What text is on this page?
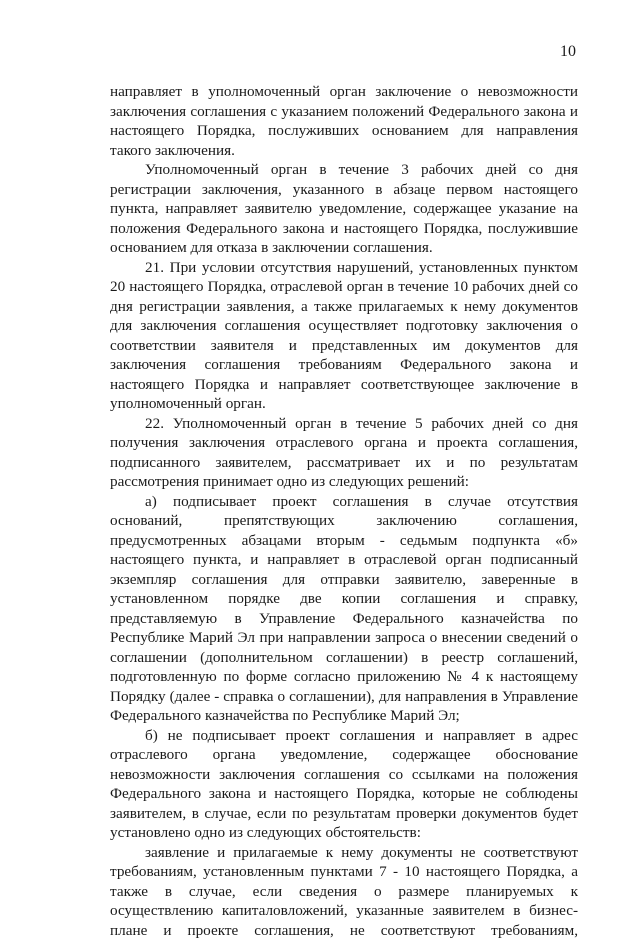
10

направляет в уполномоченный орган заключение о невозможности заключения соглашения с указанием положений Федерального закона и настоящего Порядка, послуживших основанием для направления такого заключения.

Уполномоченный орган в течение 3 рабочих дней со дня регистрации заключения, указанного в абзаце первом настоящего пункта, направляет заявителю уведомление, содержащее указание на положения Федерального закона и настоящего Порядка, послужившие основанием для отказа в заключении соглашения.

21. При условии отсутствия нарушений, установленных пунктом 20 настоящего Порядка, отраслевой орган в течение 10 рабочих дней со дня регистрации заявления, а также прилагаемых к нему документов для заключения соглашения осуществляет подготовку заключения о соответствии заявителя и представленных им документов для заключения соглашения требованиям Федерального закона и настоящего Порядка и направляет соответствующее заключение в уполномоченный орган.

22. Уполномоченный орган в течение 5 рабочих дней со дня получения заключения отраслевого органа и проекта соглашения, подписанного заявителем, рассматривает их и по результатам рассмотрения принимает одно из следующих решений:

а) подписывает проект соглашения в случае отсутствия оснований, препятствующих заключению соглашения, предусмотренных абзацами вторым - седьмым подпункта «б» настоящего пункта, и направляет в отраслевой орган подписанный экземпляр соглашения для отправки заявителю, заверенные в установленном порядке две копии соглашения и справку, представляемую в Управление Федерального казначейства по Республике Марий Эл при направлении запроса о внесении сведений о соглашении (дополнительном соглашении) в реестр соглашений, подготовленную по форме согласно приложению № 4 к настоящему Порядку (далее - справка о соглашении), для направления в Управление Федерального казначейства по Республике Марий Эл;

б) не подписывает проект соглашения и направляет в адрес отраслевого органа уведомление, содержащее обоснование невозможности заключения соглашения со ссылками на положения Федерального закона и настоящего Порядка, которые не соблюдены заявителем, в случае, если по результатам проверки документов будет установлено одно из следующих обстоятельств:

заявление и прилагаемые к нему документы не соответствуют требованиям, установленным пунктами 7 - 10 настоящего Порядка, а также в случае, если сведения о размере планируемых к осуществлению капиталовложений, указанные заявителем в бизнес-плане и проекте соглашения, не соответствуют требованиям,
